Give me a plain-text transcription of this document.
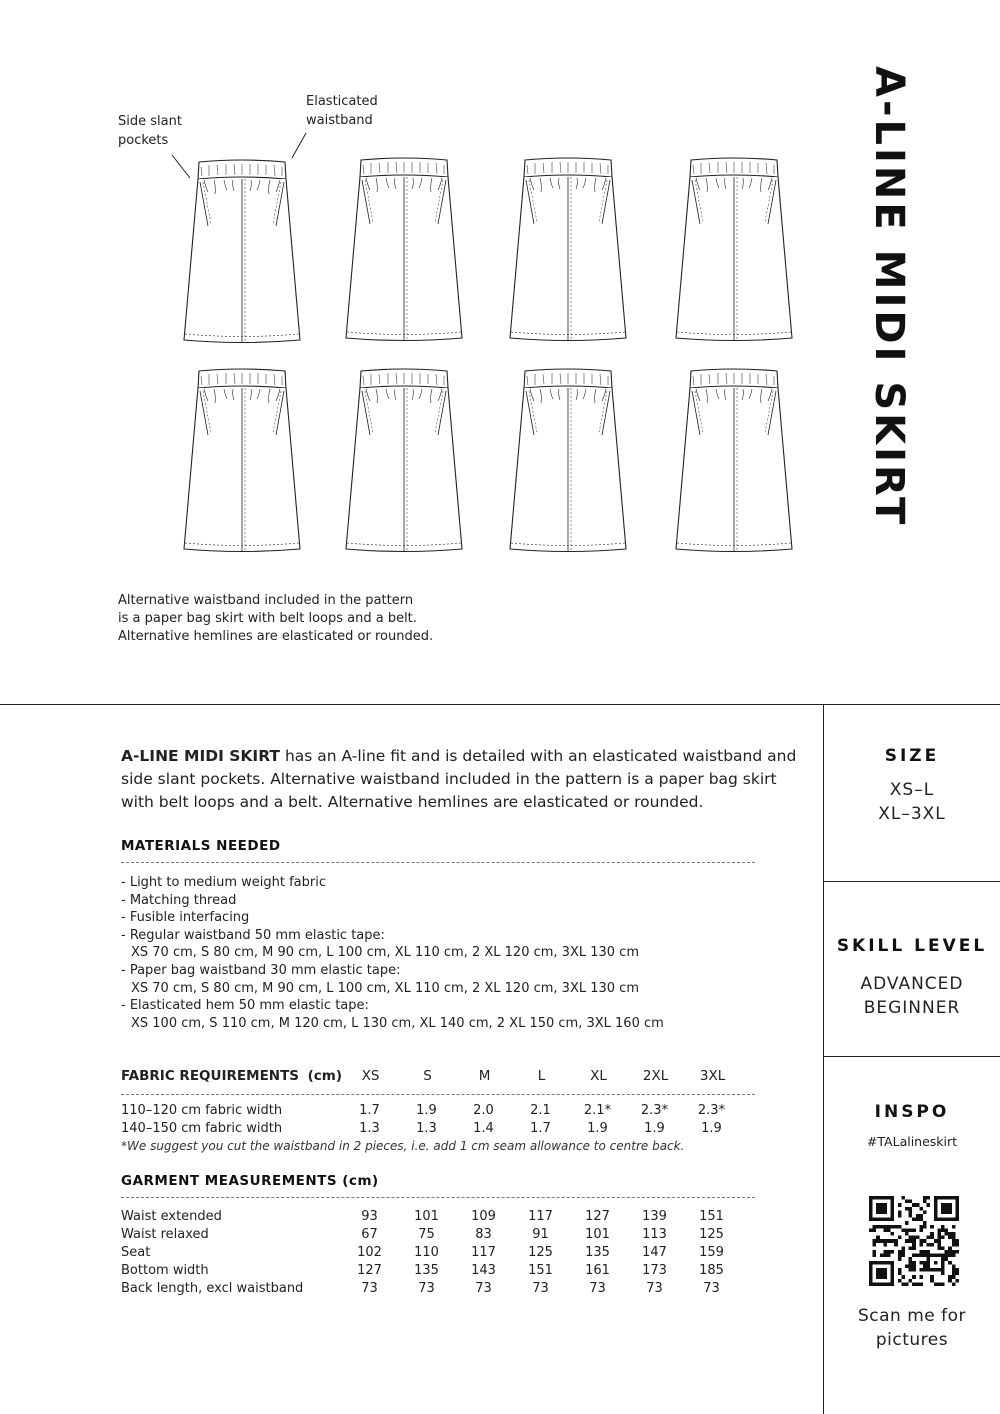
Side slant
pockets
Elasticated
waistband	A-LINE MIDI SKIRT
Alternative waistband included in the pattern
is a paper bag skirt with belt loops and a belt.
Alternative hemlines are elasticated or rounded.
A-LINE MIDI SKIRT has an A-line fit and is detailed with an elasticated waistband and side slant pockets. Alternative waistband included in the pattern is a paper bag skirt with belt loops and a belt. Alternative hemlines are elasticated or rounded.
MATERIALS NEEDED
- Light to medium weight fabric
- Matching thread
- Fusible interfacing
- Regular waistband 50 mm elastic tape:
XS 70 cm, S 80 cm, M 90 cm, L 100 cm, XL 110 cm, 2 XL 120 cm, 3XL 130 cm
- Paper bag waistband 30 mm elastic tape:
XS 70 cm, S 80 cm, M 90 cm, L 100 cm, XL 110 cm, 2 XL 120 cm, 3XL 130 cm
- Elasticated hem 50 mm elastic tape:
XS 100 cm, S 110 cm, M 120 cm, L 130 cm, XL 140 cm, 2 XL 150 cm, 3XL 160 cm
FABRIC REQUIREMENTS (cm)	XS	S	M	L	XL	2XL	3XL
110–120 cm fabric width	1.7	1.9	2.0	2.1	2.1*	2.3*	2.3*
140–150 cm fabric width	1.3	1.3	1.4	1.7	1.9	1.9	1.9
*We suggest you cut the waistband in 2 pieces, i.e. add 1 cm seam allowance to centre back.
GARMENT MEASUREMENTS (cm)
Waist extended	93	101	109	117	127	139	151
Waist relaxed	67	75	83	91	101	113	125
Seat	102	110	117	125	135	147	159
Bottom width	127	135	143	151	161	173	185
Back length, excl waistband	73	73	73	73	73	73	73
SIZE
XS–L
XL–3XL
SKILL LEVEL
ADVANCED
BEGINNER
INSPO
#TALalineskirt
Scan me for
pictures
